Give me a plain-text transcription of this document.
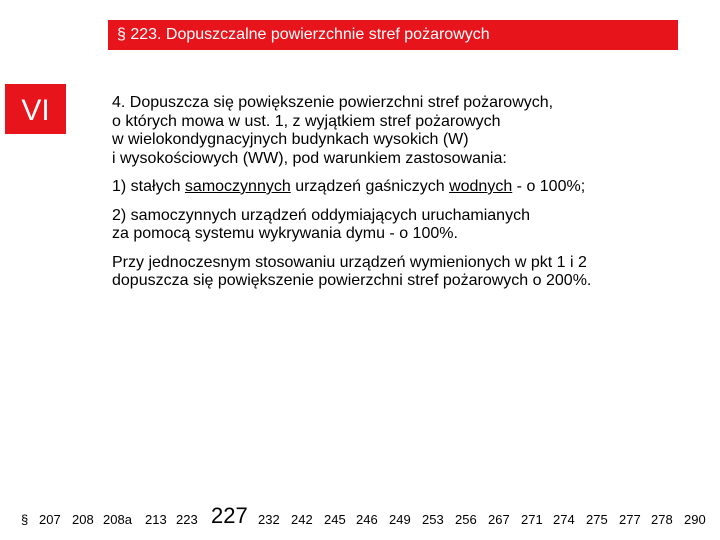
§ 223. Dopuszczalne powierzchnie stref pożarowych
VI	4. Dopuszcza się powiększenie powierzchni stref pożarowych,
o których mowa w ust. 1, z wyjątkiem stref pożarowych
w wielokondygnacyjnych budynkach wysokich (W)
i wysokościowych (WW), pod warunkiem zastosowania:
1) stałych samoczynnych urządzeń gaśniczych wodnych - o 100%;
2) samoczynnych urządzeń oddymiających uruchamianych
za pomocą systemu wykrywania dymu - o 100%.
Przy jednoczesnym stosowaniu urządzeń wymienionych w pkt 1 i 2
dopuszcza się powiększenie powierzchni stref pożarowych o 200%.
§ 207 208 208a 213 223 227 232 242 245 246 249 253 256 267 271 274 275 277 278 290
